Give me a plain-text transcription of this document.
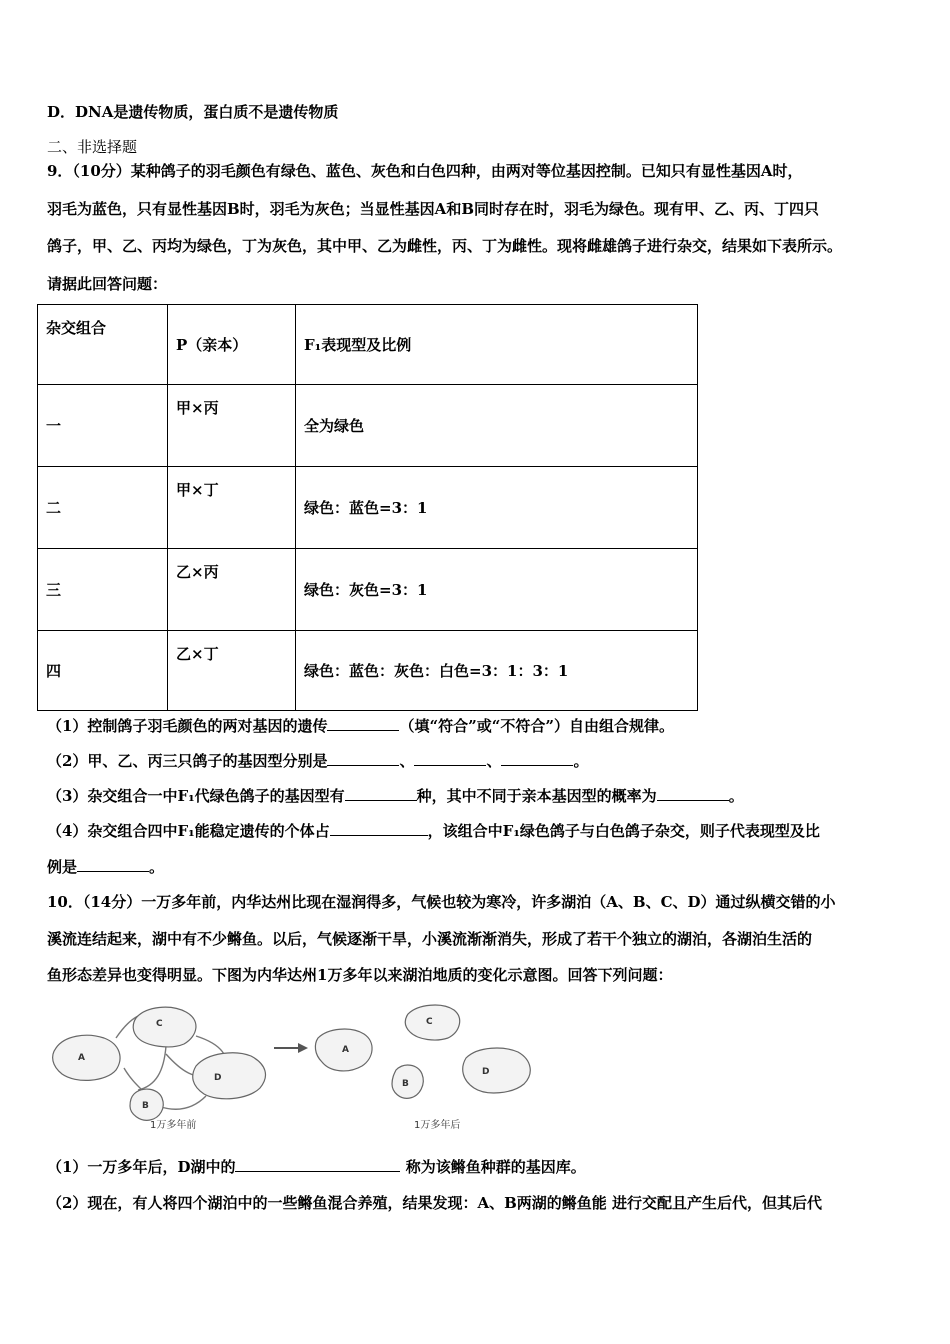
D．DNA是遗传物质，蛋白质不是遗传物质
二、非选择题
9．（10分）某种鸽子的羽毛颜色有绿色、蓝色、灰色和白色四种，由两对等位基因控制。已知只有显性基因A时，
羽毛为蓝色，只有显性基因B时，羽毛为灰色；当显性基因A和B同时存在时，羽毛为绿色。现有甲、乙、丙、丁四只
鸽子，甲、乙、丙均为绿色，丁为灰色，其中甲、乙为雌性，丙、丁为雌性。现将雌雄鸽子进行杂交，结果如下表所示。
请据此回答问题：
杂交组合	P（亲本）	F₁表现型及比例
一	甲×丙	全为绿色
二	甲×丁	绿色：蓝色=3：1
三	乙×丙	绿色：灰色=3：1
四	乙×丁	绿色：蓝色：灰色：白色=3：1：3：1
（1）控制鸽子羽毛颜色的两对基因的遗传	（填“符合”或“不符合”）自由组合规律。
（2）甲、乙、丙三只鸽子的基因型分别是	、	、	。
（3）杂交组合一中F₁代绿色鸽子的基因型有	种，其中不同于亲本基因型的概率为	。
（4）杂交组合四中F₁能稳定遗传的个体占	，该组合中F₁绿色鸽子与白色鸽子杂交，则子代表现型及比
例是	。
10．（14分）一万多年前，内华达州比现在湿润得多，气候也较为寒冷，许多湖泊（A、B、C、D）通过纵横交错的小
溪流连结起来，湖中有不少鳉鱼。以后，气候逐渐干旱，小溪流渐渐消失，形成了若干个独立的湖泊，各湖泊生活的
鱼形态差异也变得明显。下图为内华达州1万多年以来湖泊地质的变化示意图。回答下列问题：
A
B
C
D
1万多年前
A
B
C
D
1万多年后
（1）一万多年后，D湖中的	称为该鳉鱼种群的基因库。
（2）现在，有人将四个湖泊中的一些鳉鱼混合养殖，结果发现：A、B两湖的鳉鱼能 进行交配且产生后代，但其后代
